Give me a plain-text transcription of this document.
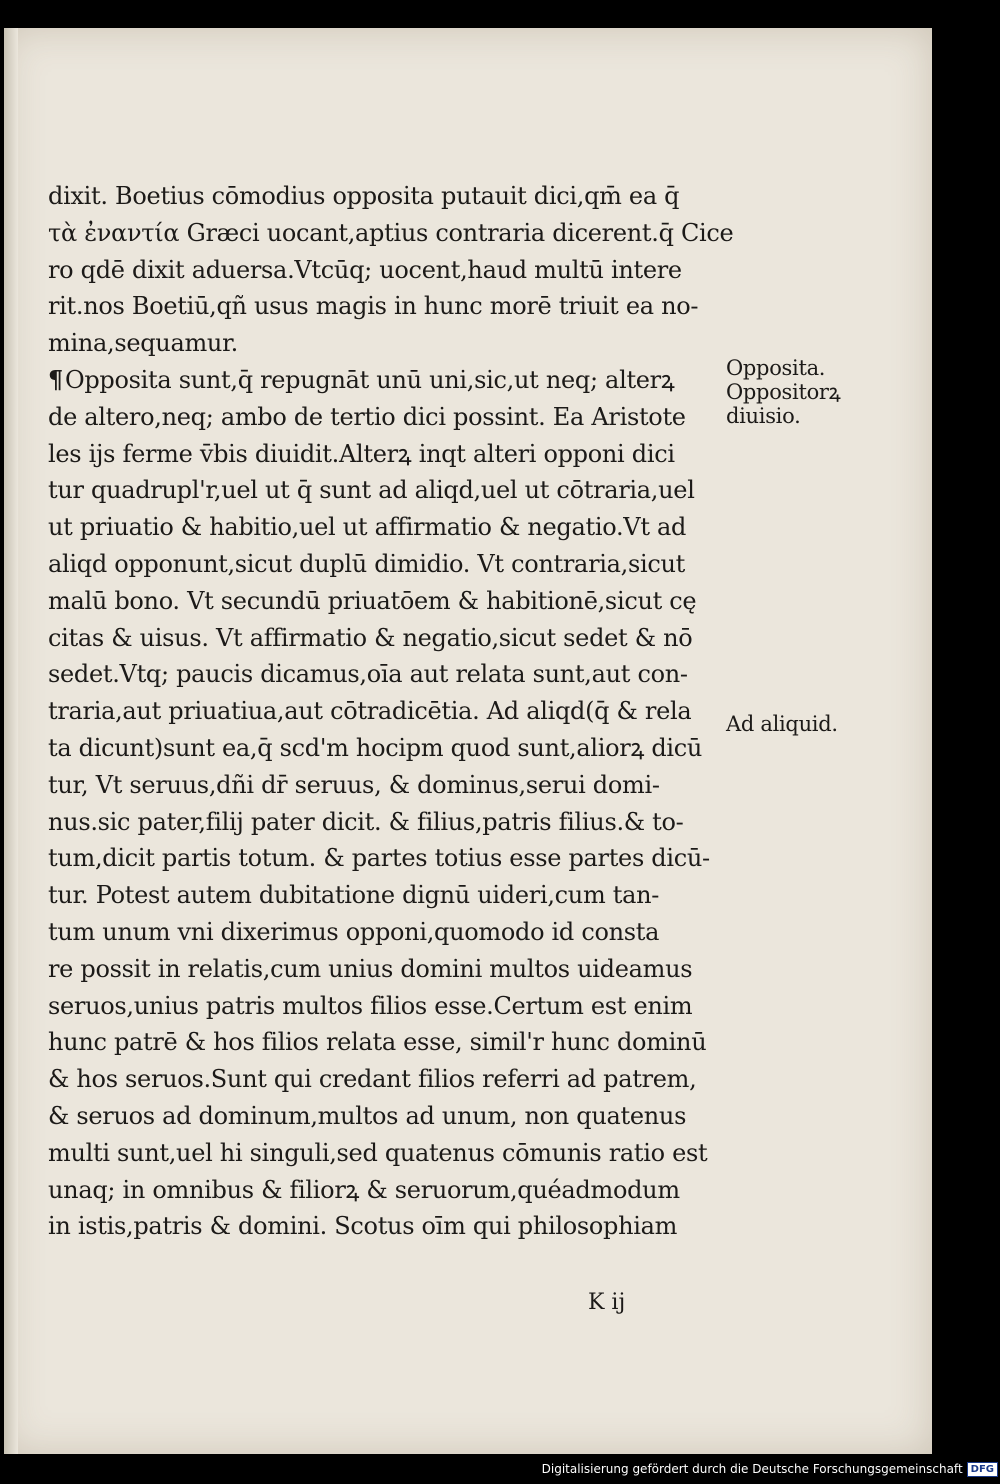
dixit. Boetius cōmodius opposita putauit dici,qm̄ ea q̄
τὰ ἐναντία Græci uocant,aptius contraria dicerent.q̄ Cice
ro qdē dixit aduersa.Vtcūq; uocent,haud multū intere
rit.nos Boetiū,qñ usus magis in hunc morē triuit ea no-
mina,sequamur.
¶Opposita sunt,q̄ repugnāt unū uni,sic,ut neq; alterꝝ
de altero,neq; ambo de tertio dici possint. Ea Aristote
les ijs ferme v̄bis diuidit.Alterꝝ inqt alteri opponi dici
tur quadrupl'r,uel ut q̄ sunt ad aliqd,uel ut cōtraria,uel
ut priuatio & habitio,uel ut affirmatio & negatio.Vt ad
aliqd opponunt,sicut duplū dimidio. Vt contraria,sicut
malū bono. Vt secundū priuatōem & habitionē,sicut cę
citas & uisus. Vt affirmatio & negatio,sicut sedet & nō
sedet.Vtq; paucis dicamus,oīa aut relata sunt,aut con-
traria,aut priuatiua,aut cōtradicētia. Ad aliqd(q̄ & rela
ta dicunt)sunt ea,q̄ scd'm hocipm quod sunt,aliorꝝ dicū
tur, Vt seruus,dñi dr̄ seruus, & dominus,serui domi-
nus.sic pater,filij pater dicit. & filius,patris filius.& to-
tum,dicit partis totum. & partes totius esse partes dicū-
tur. Potest autem dubitatione dignū uideri,cum tan-
tum unum vni dixerimus opponi,quomodo id consta
re possit in relatis,cum unius domini multos uideamus
seruos,unius patris multos filios esse.Certum est enim
hunc patrē & hos filios relata esse, simil'r hunc dominū
& hos seruos.Sunt qui credant filios referri ad patrem,
& seruos ad dominum,multos ad unum, non quatenus
multi sunt,uel hi singuli,sed quatenus cōmunis ratio est
unaq; in omnibus & filiorꝝ & seruorum,quéadmodum
in istis,patris & domini. Scotus oīm qui philosophiam
Opposita.
Oppositorꝝ
diuisio.
Ad aliquid.
K ij
Digitalisierung gefördert durch die Deutsche Forschungsgemeinschaft DFG
